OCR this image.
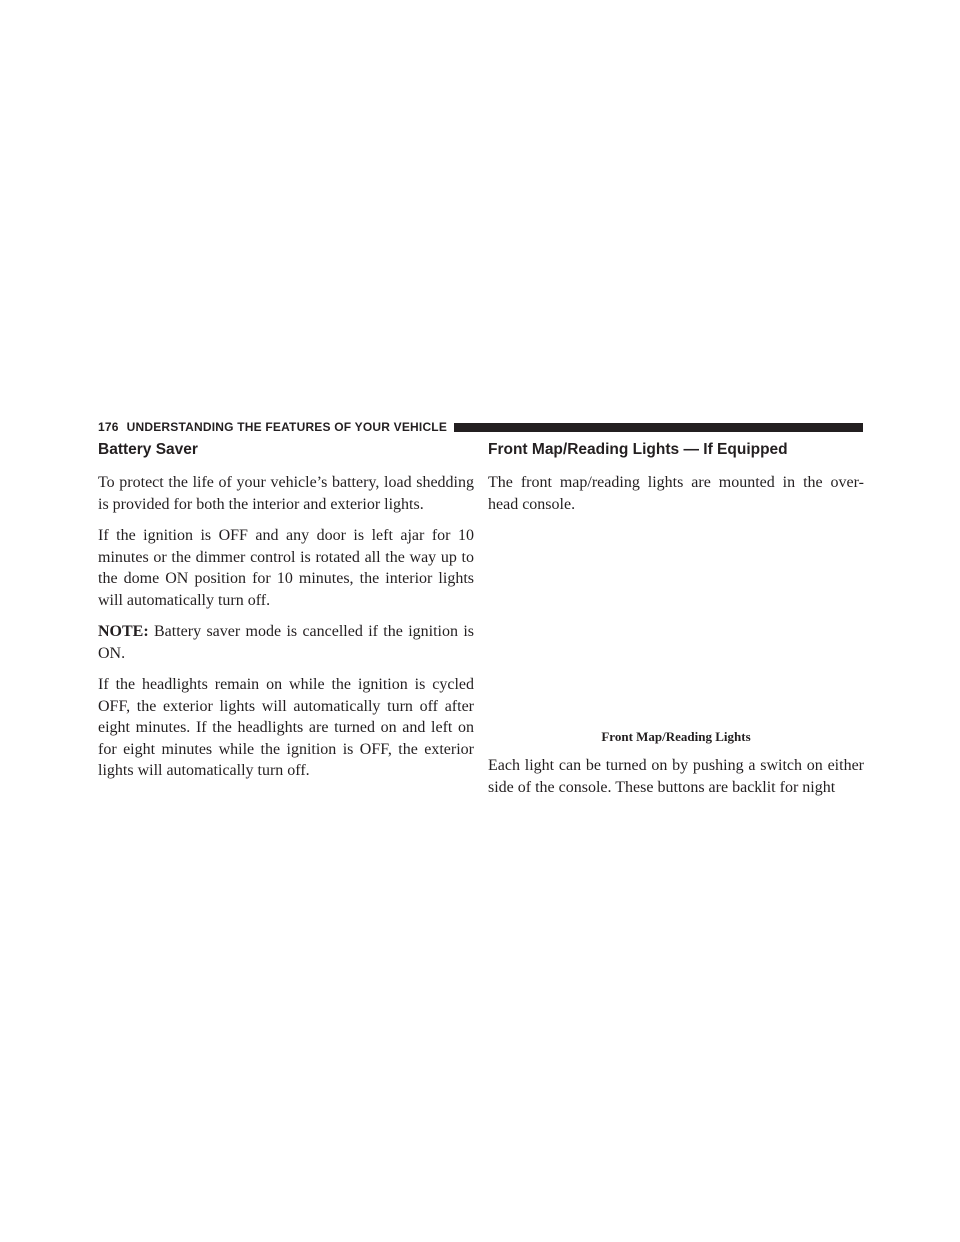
176 UNDERSTANDING THE FEATURES OF YOUR VEHICLE
Battery Saver

To protect the life of your vehicle’s battery, load shedding is provided for both the interior and exterior lights.

If the ignition is OFF and any door is left ajar for 10 minutes or the dimmer control is rotated all the way up to the dome ON position for 10 minutes, the interior lights will automatically turn off.

NOTE: Battery saver mode is cancelled if the ignition is ON.

If the headlights remain on while the ignition is cycled OFF, the exterior lights will automatically turn off after eight minutes. If the headlights are turned on and left on for eight minutes while the ignition is OFF, the exterior lights will automatically turn off.

Front Map/Reading Lights — If Equipped

The front map/reading lights are mounted in the over- head console.

Front Map/Reading Lights

Each light can be turned on by pushing a switch on either side of the console. These buttons are backlit for night
